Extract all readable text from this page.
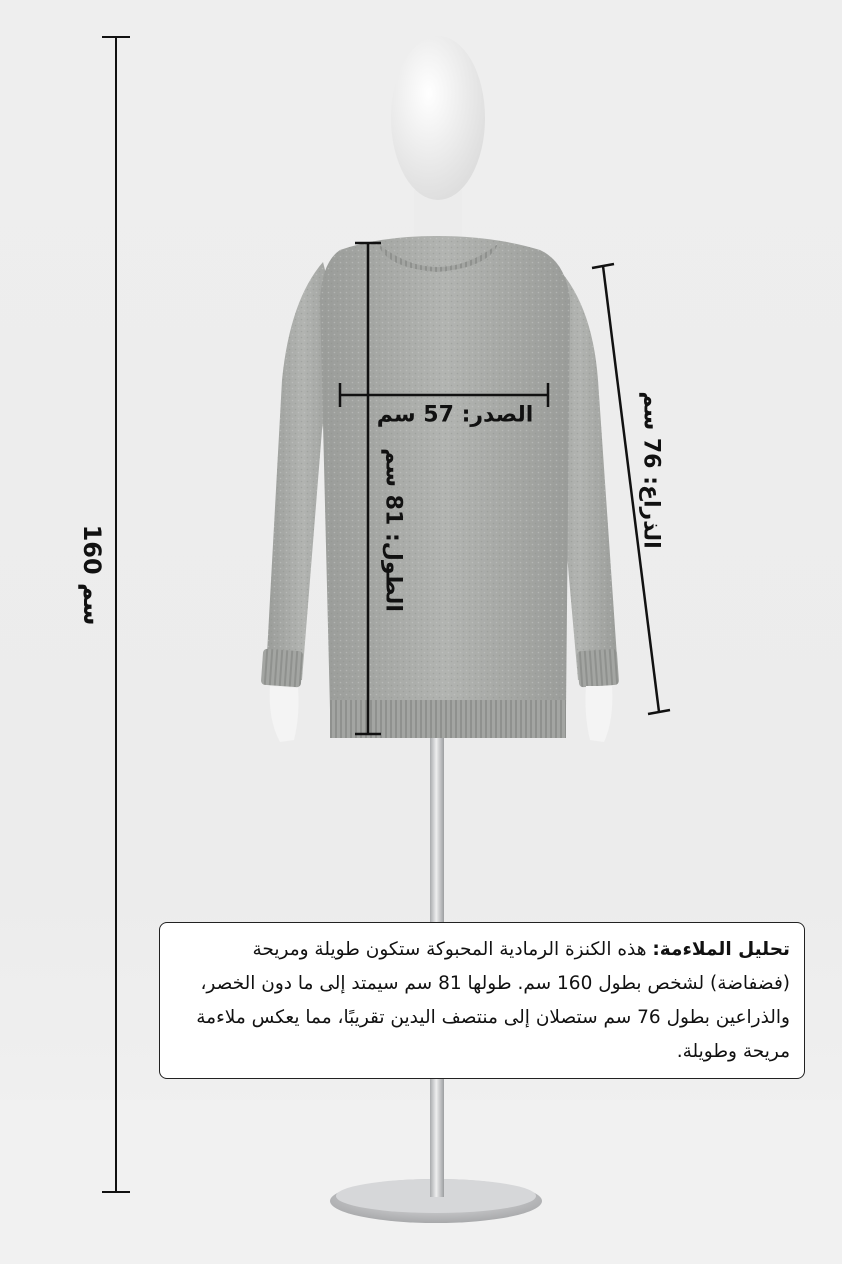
160 سم
الصدر: 57 سم
الطول: 81 سم
الذراع: 76 سم
تحليل الملاءمة: هذه الكنزة الرمادية المحبوكة ستكون طويلة ومريحة (فضفاضة) لشخص بطول 160 سم. طولها 81 سم سيمتد إلى ما دون الخصر، والذراعين بطول 76 سم ستصلان إلى منتصف اليدين تقريبًا، مما يعكس ملاءمة مريحة وطويلة.
